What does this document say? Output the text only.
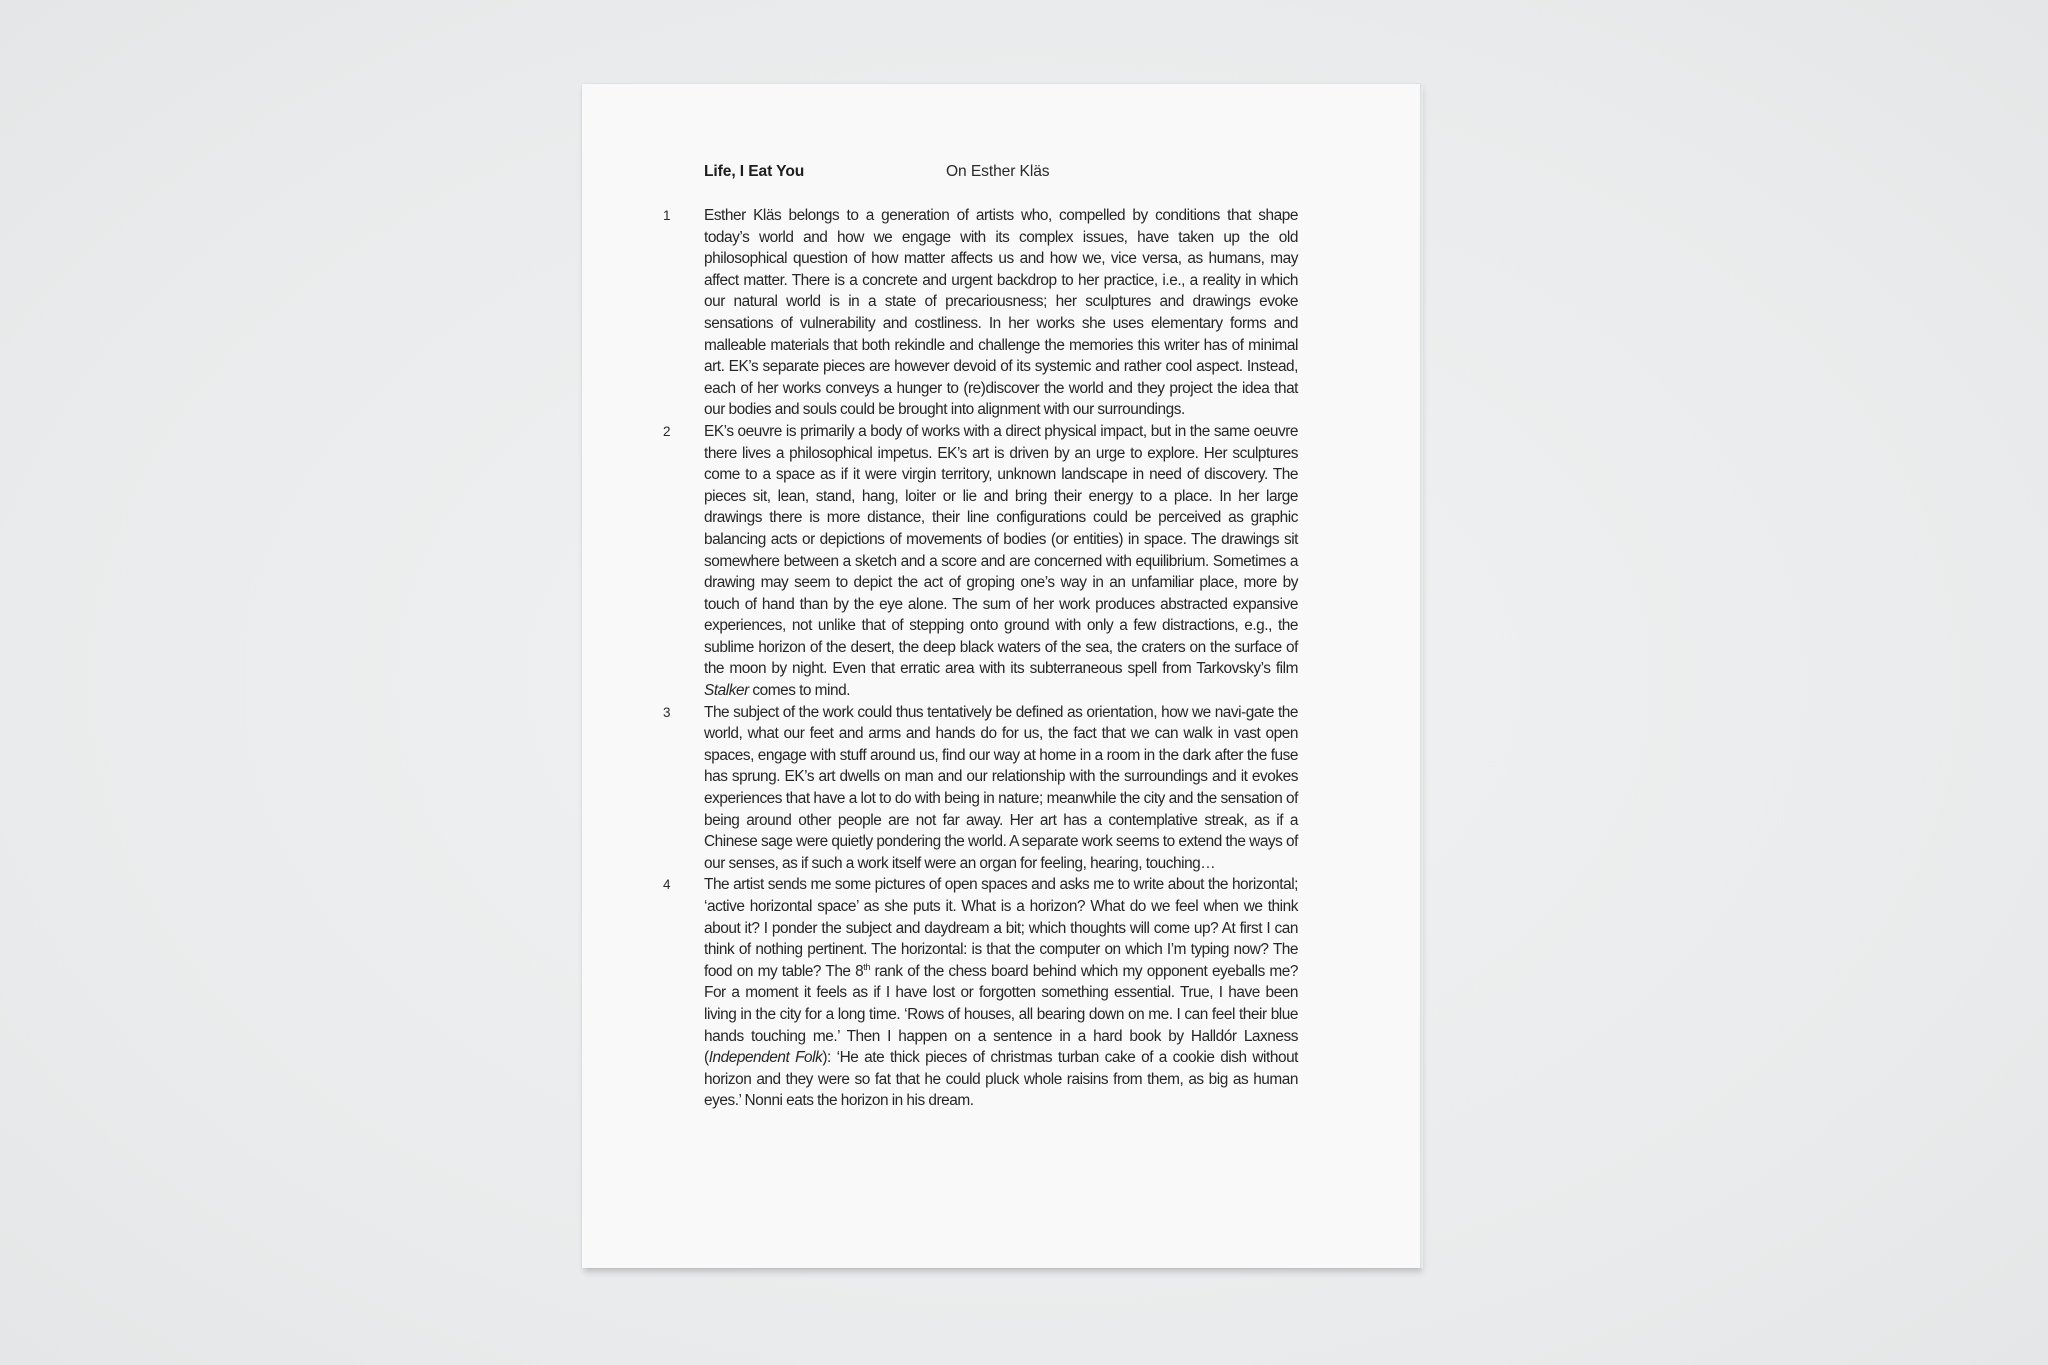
Life, I Eat You	On Esther Kläs
1 Esther Kläs belongs to a generation of artists who, compelled by conditions that shape today’s world and how we engage with its complex issues, have taken up the old philosophical question of how matter affects us and how we, vice versa, as humans, may affect matter. There is a concrete and urgent backdrop to her practice, i.e., a reality in which our natural world is in a state of precariousness; her sculptures and drawings evoke sensations of vulnerability and costliness. In her works she uses elementary forms and malleable materials that both rekindle and challenge the memories this writer has of minimal art. EK’s separate pieces are however devoid of its systemic and rather cool aspect. Instead, each of her works conveys a hunger to (re)discover the world and they project the idea that our bodies and souls could be brought into alignment with our surroundings.

2 EK’s oeuvre is primarily a body of works with a direct physical impact, but in the same oeuvre there lives a philosophical impetus. EK’s art is driven by an urge to explore. Her sculptures come to a space as if it were virgin territory, unknown landscape in need of discovery. The pieces sit, lean, stand, hang, loiter or lie and bring their energy to a place. In her large drawings there is more distance, their line configurations could be perceived as graphic balancing acts or depictions of movements of bodies (or entities) in space. The drawings sit somewhere between a sketch and a score and are concerned with equilibrium. Sometimes a drawing may seem to depict the act of groping one’s way in an unfamiliar place, more by touch of hand than by the eye alone. The sum of her work produces abstracted expansive experiences, not unlike that of stepping onto ground with only a few distractions, e.g., the sublime horizon of the desert, the deep black waters of the sea, the craters on the surface of the moon by night. Even that erratic area with its subterraneous spell from Tarkovsky’s film Stalker comes to mind.

3 The subject of the work could thus tentatively be defined as orientation, how we navi-gate the world, what our feet and arms and hands do for us, the fact that we can walk in vast open spaces, engage with stuff around us, find our way at home in a room in the dark after the fuse has sprung. EK’s art dwells on man and our relationship with the surroundings and it evokes experiences that have a lot to do with being in nature; meanwhile the city and the sensation of being around other people are not far away. Her art has a contemplative streak, as if a Chinese sage were quietly pondering the world. A separate work seems to extend the ways of our senses, as if such a work itself were an organ for feeling, hearing, touching…

4 The artist sends me some pictures of open spaces and asks me to write about the horizontal; ‘active horizontal space’ as she puts it. What is a horizon? What do we feel when we think about it? I ponder the subject and daydream a bit; which thoughts will come up? At first I can think of nothing pertinent. The horizontal: is that the computer on which I’m typing now? The food on my table? The 8th rank of the chess board behind which my opponent eyeballs me? For a moment it feels as if I have lost or forgotten something essential. True, I have been living in the city for a long time. ‘Rows of houses, all bearing down on me. I can feel their blue hands touching me.’ Then I happen on a sentence in a hard book by Halldór Laxness (Independent Folk): ‘He ate thick pieces of christmas turban cake of a cookie dish without horizon and they were so fat that he could pluck whole raisins from them, as big as human eyes.’ Nonni eats the horizon in his dream.
